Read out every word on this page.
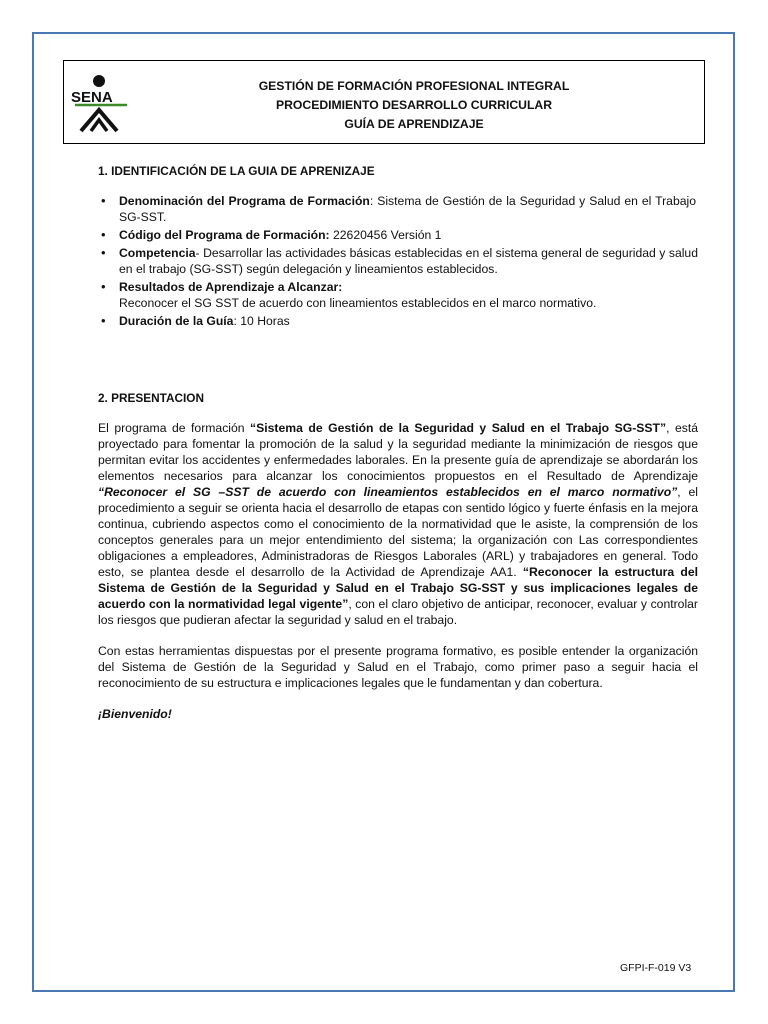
SENA
GESTIÓN DE FORMACIÓN PROFESIONAL INTEGRAL
PROCEDIMIENTO DESARROLLO CURRICULAR
GUÍA DE APRENDIZAJE
1. IDENTIFICACIÓN DE LA GUIA DE APRENIZAJE
• Denominación del Programa de Formación: Sistema de Gestión de la Seguridad y Salud en el Trabajo SG-SST.
• Código del Programa de Formación: 22620456 Versión 1
• Competencia- Desarrollar las actividades básicas establecidas en el sistema general de seguridad y salud en el trabajo (SG-SST) según delegación y lineamientos establecidos.
• Resultados de Aprendizaje a Alcanzar:
Reconocer el SG SST de acuerdo con lineamientos establecidos en el marco normativo.
• Duración de la Guía: 10 Horas
2. PRESENTACION

El programa de formación “Sistema de Gestión de la Seguridad y Salud en el Trabajo SG-SST”, está proyectado para fomentar la promoción de la salud y la seguridad mediante la minimización de riesgos que permitan evitar los accidentes y enfermedades laborales. En la presente guía de aprendizaje se abordarán los elementos necesarios para alcanzar los conocimientos propuestos en el Resultado de Aprendizaje “Reconocer el SG –SST de acuerdo con lineamientos establecidos en el marco normativo”, el procedimiento a seguir se orienta hacia el desarrollo de etapas con sentido lógico y fuerte énfasis en la mejora continua, cubriendo aspectos como el conocimiento de la normatividad que le asiste, la comprensión de los conceptos generales para un mejor entendimiento del sistema; la organización con Las correspondientes obligaciones a empleadores, Administradoras de Riesgos Laborales (ARL) y trabajadores en general. Todo esto, se plantea desde el desarrollo de la Actividad de Aprendizaje AA1. “Reconocer la estructura del Sistema de Gestión de la Seguridad y Salud en el Trabajo SG-SST y sus implicaciones legales de acuerdo con la normatividad legal vigente”, con el claro objetivo de anticipar, reconocer, evaluar y controlar los riesgos que pudieran afectar la seguridad y salud en el trabajo.

Con estas herramientas dispuestas por el presente programa formativo, es posible entender la organización del Sistema de Gestión de la Seguridad y Salud en el Trabajo, como primer paso a seguir hacia el reconocimiento de su estructura e implicaciones legales que le fundamentan y dan cobertura.

¡Bienvenido!

GFPI-F-019 V3
